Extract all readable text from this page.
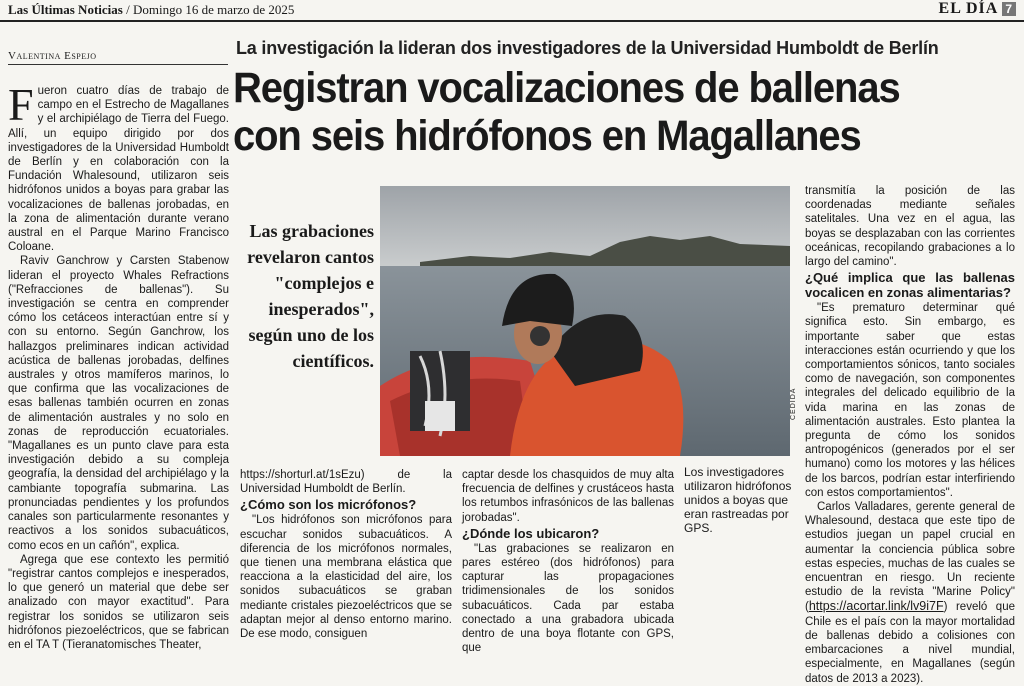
Las Últimas Noticias / Domingo 16 de marzo de 2025	EL DÍA 7
Valentina Espejo	La investigación la lideran dos investigadores de la Universidad Humboldt de Berlín
Registran vocalizaciones de ballenas
con seis hidrófonos en Magallanes

Fueron cuatro días de trabajo de campo en el Estrecho de Magallanes y el archipiélago de Tierra del Fuego. Allí, un equipo dirigido por dos investigadores de la Universidad Humboldt de Berlín y en colaboración con la Fundación Whalesound, utilizaron seis hidrófonos unidos a boyas para grabar las vocalizaciones de ballenas jorobadas, en la zona de alimentación durante verano austral en el Parque Marino Francisco Coloane.

Raviv Ganchrow y Carsten Stabenow lideran el proyecto Whales Refractions ("Refracciones de ballenas"). Su investigación se centra en comprender cómo los cetáceos interactúan entre sí y con su entorno. Según Ganchrow, los hallazgos preliminares indican actividad acústica de ballenas jorobadas, delfines australes y otros mamíferos marinos, lo que confirma que las vocalizaciones de esas ballenas también ocurren en zonas de alimentación australes y no solo en zonas de reproducción ecuatoriales. "Magallanes es un punto clave para esta investigación debido a su compleja geografía, la densidad del archipiélago y la cambiante topografía submarina. Las pronunciadas pendientes y los profundos canales son particularmente resonantes y reactivos a los sonidos subacuáticos, como ecos en un cañón", explica.

Agrega que ese contexto les permitió "registrar cantos complejos e inesperados, lo que generó un material que debe ser analizado con mayor exactitud". Para registrar los sonidos se utilizaron seis hidrófonos piezoeléctricos, que se fabrican en el TA T (Tieranatomisches Theater,

Las grabaciones revelaron cantos "complejos e inesperados", según uno de los científicos.
CEDIDA

https://shorturl.at/1sEzu) de la Universidad Humboldt de Berlín.

¿Cómo son los micrófonos?

"Los hidrófonos son micrófonos para escuchar sonidos subacuáticos. A diferencia de los micrófonos normales, que tienen una membrana elástica que reacciona a la elasticidad del aire, los sonidos subacuáticos se graban mediante cristales piezoeléctricos que se adaptan mejor al denso entorno marino. De ese modo, consiguen

captar desde los chasquidos de muy alta frecuencia de delfines y crustáceos hasta los retumbos infrasónicos de las ballenas jorobadas".

¿Dónde los ubicaron?

"Las grabaciones se realizaron en pares estéreo (dos hidrófonos) para capturar las propagaciones tridimensionales de los sonidos subacuáticos. Cada par estaba conectado a una grabadora ubicada dentro de una boya flotante con GPS, que

Los investigadores utilizaron hidrófonos unidos a boyas que eran rastreadas por GPS.

transmitía la posición de las coordenadas mediante señales satelitales. Una vez en el agua, las boyas se desplazaban con las corrientes oceánicas, recopilando grabaciones a lo largo del camino".

¿Qué implica que las ballenas vocalicen en zonas alimentarias?

"Es prematuro determinar qué significa esto. Sin embargo, es importante saber que estas interacciones están ocurriendo y que los comportamientos sónicos, tanto sociales como de navegación, son componentes integrales del delicado equilibrio de la vida marina en las zonas de alimentación australes. Esto plantea la pregunta de cómo los sonidos antropogénicos (generados por el ser humano) como los motores y las hélices de los barcos, podrían estar interfiriendo con estos comportamientos".

Carlos Valladares, gerente general de Whalesound, destaca que este tipo de estudios juegan un papel crucial en aumentar la conciencia pública sobre estas especies, muchas de las cuales se encuentran en riesgo. Un reciente estudio de la revista "Marine Policy" (https://acortar.link/lv9i7F) reveló que Chile es el país con la mayor mortalidad de ballenas debido a colisiones con embarcaciones a nivel mundial, especialmente, en Magallanes (según datos de 2013 a 2023).
